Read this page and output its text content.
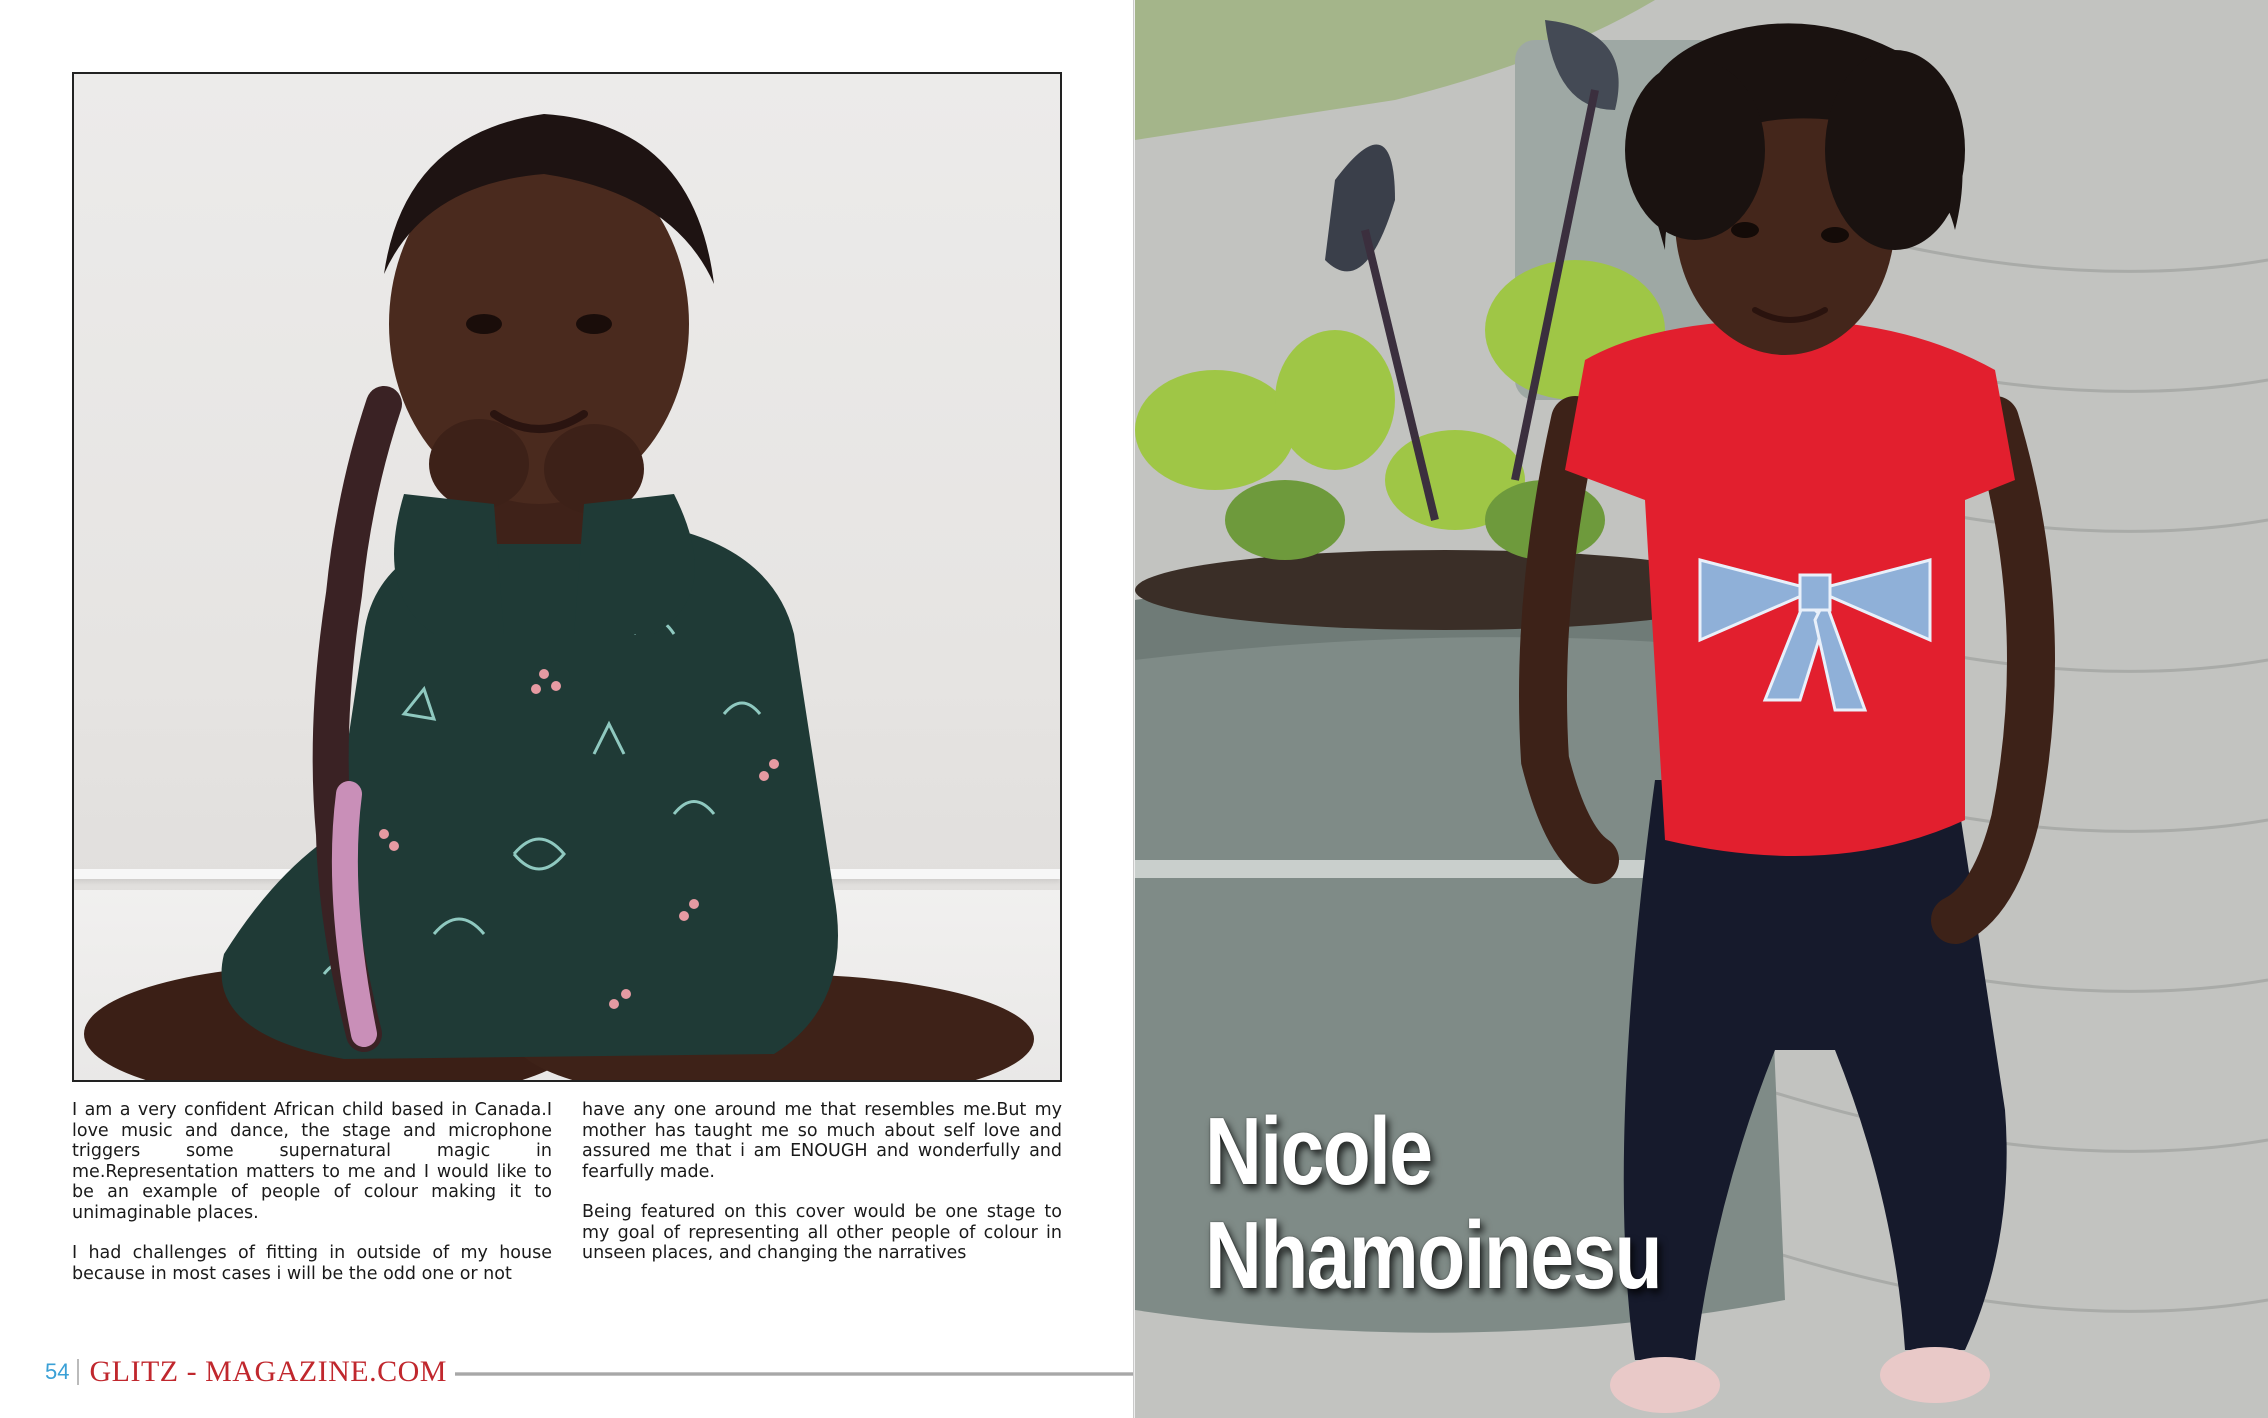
I am a very confident African child based in Canada.I love music and dance, the stage and microphone triggers some supernatural magic in me.Representation matters to me and I would like to be an example of people of colour making it to unimaginable places.

I had challenges of fitting in outside of my house because in most cases i will be the odd one or not

have any one around me that resembles me.But my mother has taught me so much about self love and assured me that i am ENOUGH and wonderfully and fearfully made.

Being featured on this cover would be one stage to my goal of representing all other people of colour in unseen places, and changing the narratives

54 GLITZ - MAGAZINE.COM
Nicole
Nhamoinesu
